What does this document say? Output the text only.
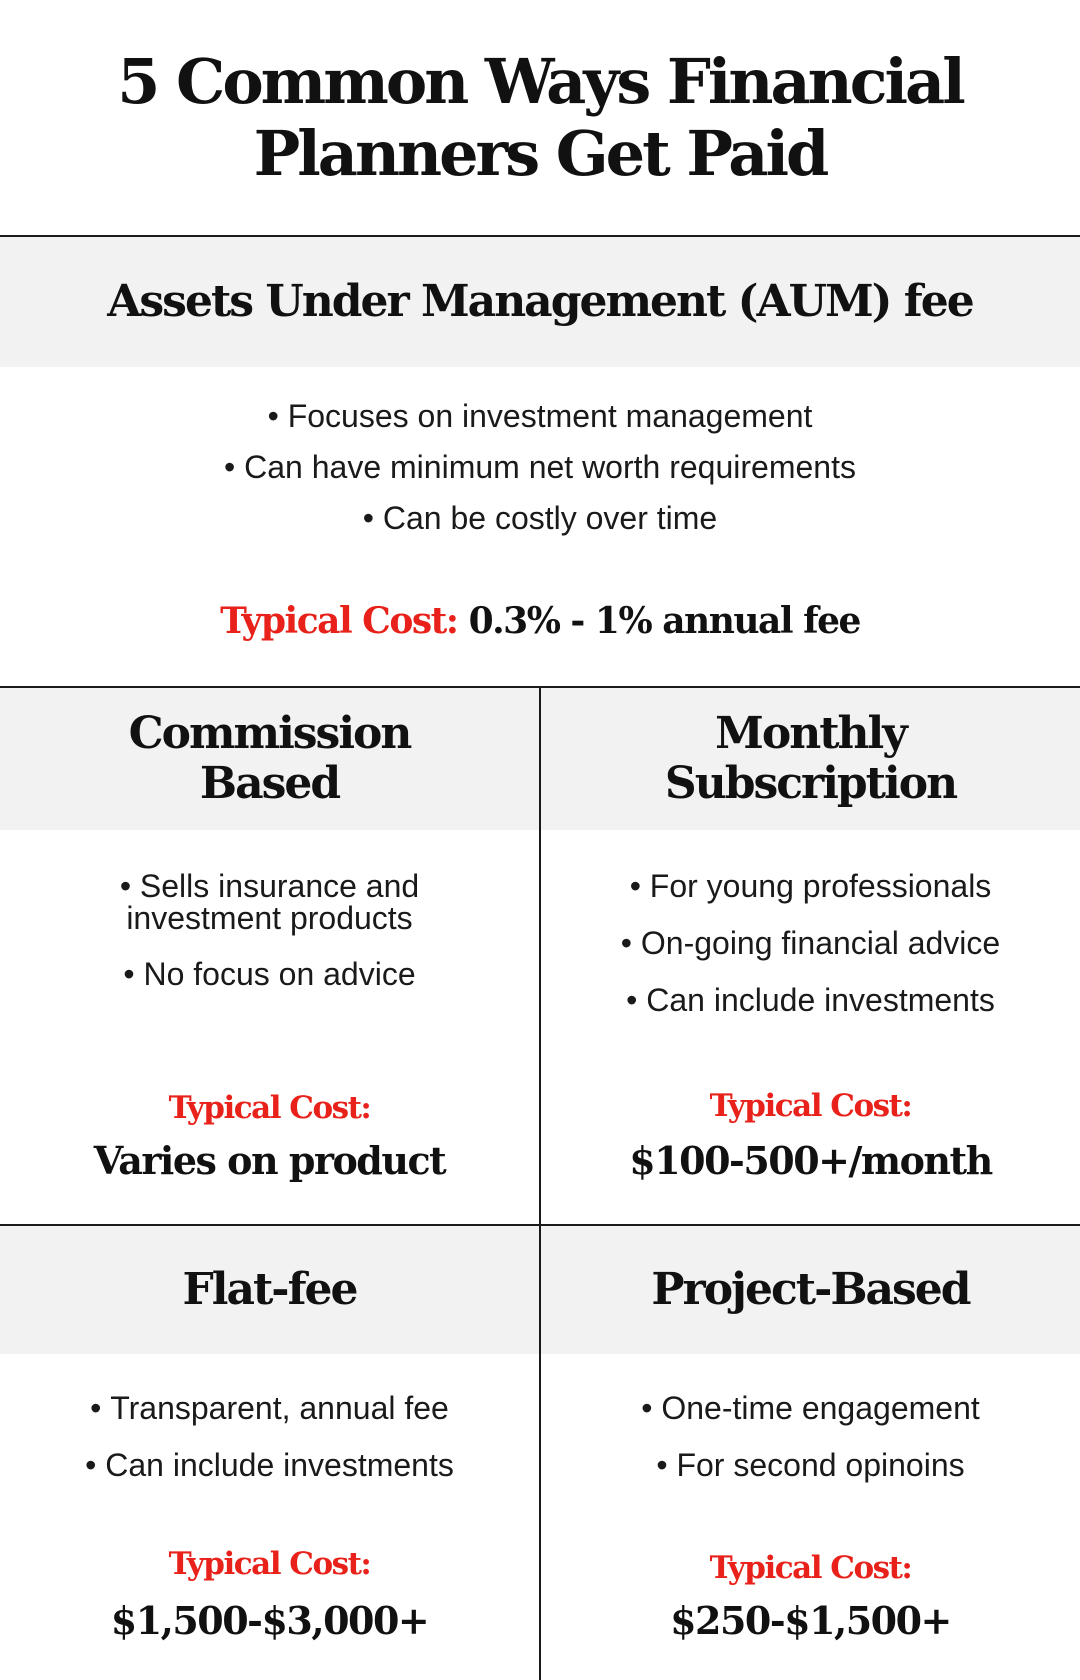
5 Common Ways Financial
Planners Get Paid
Assets Under Management (AUM) fee
• Focuses on investment management
• Can have minimum net worth requirements
• Can be costly over time
Typical Cost: 0.3% - 1% annual fee
Commission
Based
Monthly
Subscription
• Sells insurance and
investment products
• No focus on advice
• For young professionals
• On-going financial advice
• Can include investments
Typical Cost:
Varies on product
Typical Cost:
$100-500+/month
Flat-fee	Project-Based
• Transparent, annual fee
• Can include investments
• One-time engagement
• For second opinoins
Typical Cost:
$1,500-$3,000+
Typical Cost:
$250-$1,500+
